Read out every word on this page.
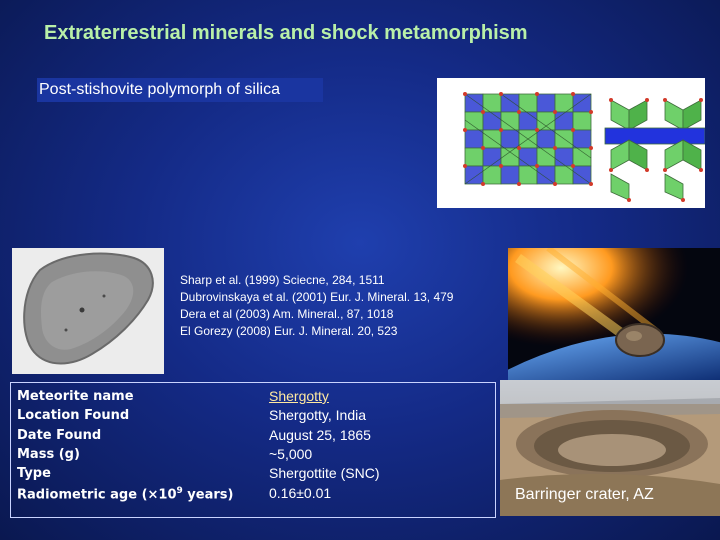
Extraterrestrial minerals and shock metamorphism
Post-stishovite polymorph of silica
Sharp et al. (1999) Sciecne, 284, 1511
Dubrovinskaya et al. (2001) Eur. J. Mineral. 13, 479
Dera et al (2003) Am. Mineral., 87, 1018
El Gorezy (2008) Eur. J. Mineral. 20, 523
Meteorite name
Location Found
Date Found
Mass (g)
Type
Radiometric age ($\times 10^9$ years)
Shergotty
Shergotty, India
August 25, 1865
~5,000
Shergottite (SNC)
0.16±0.01	Barringer crater, AZ
